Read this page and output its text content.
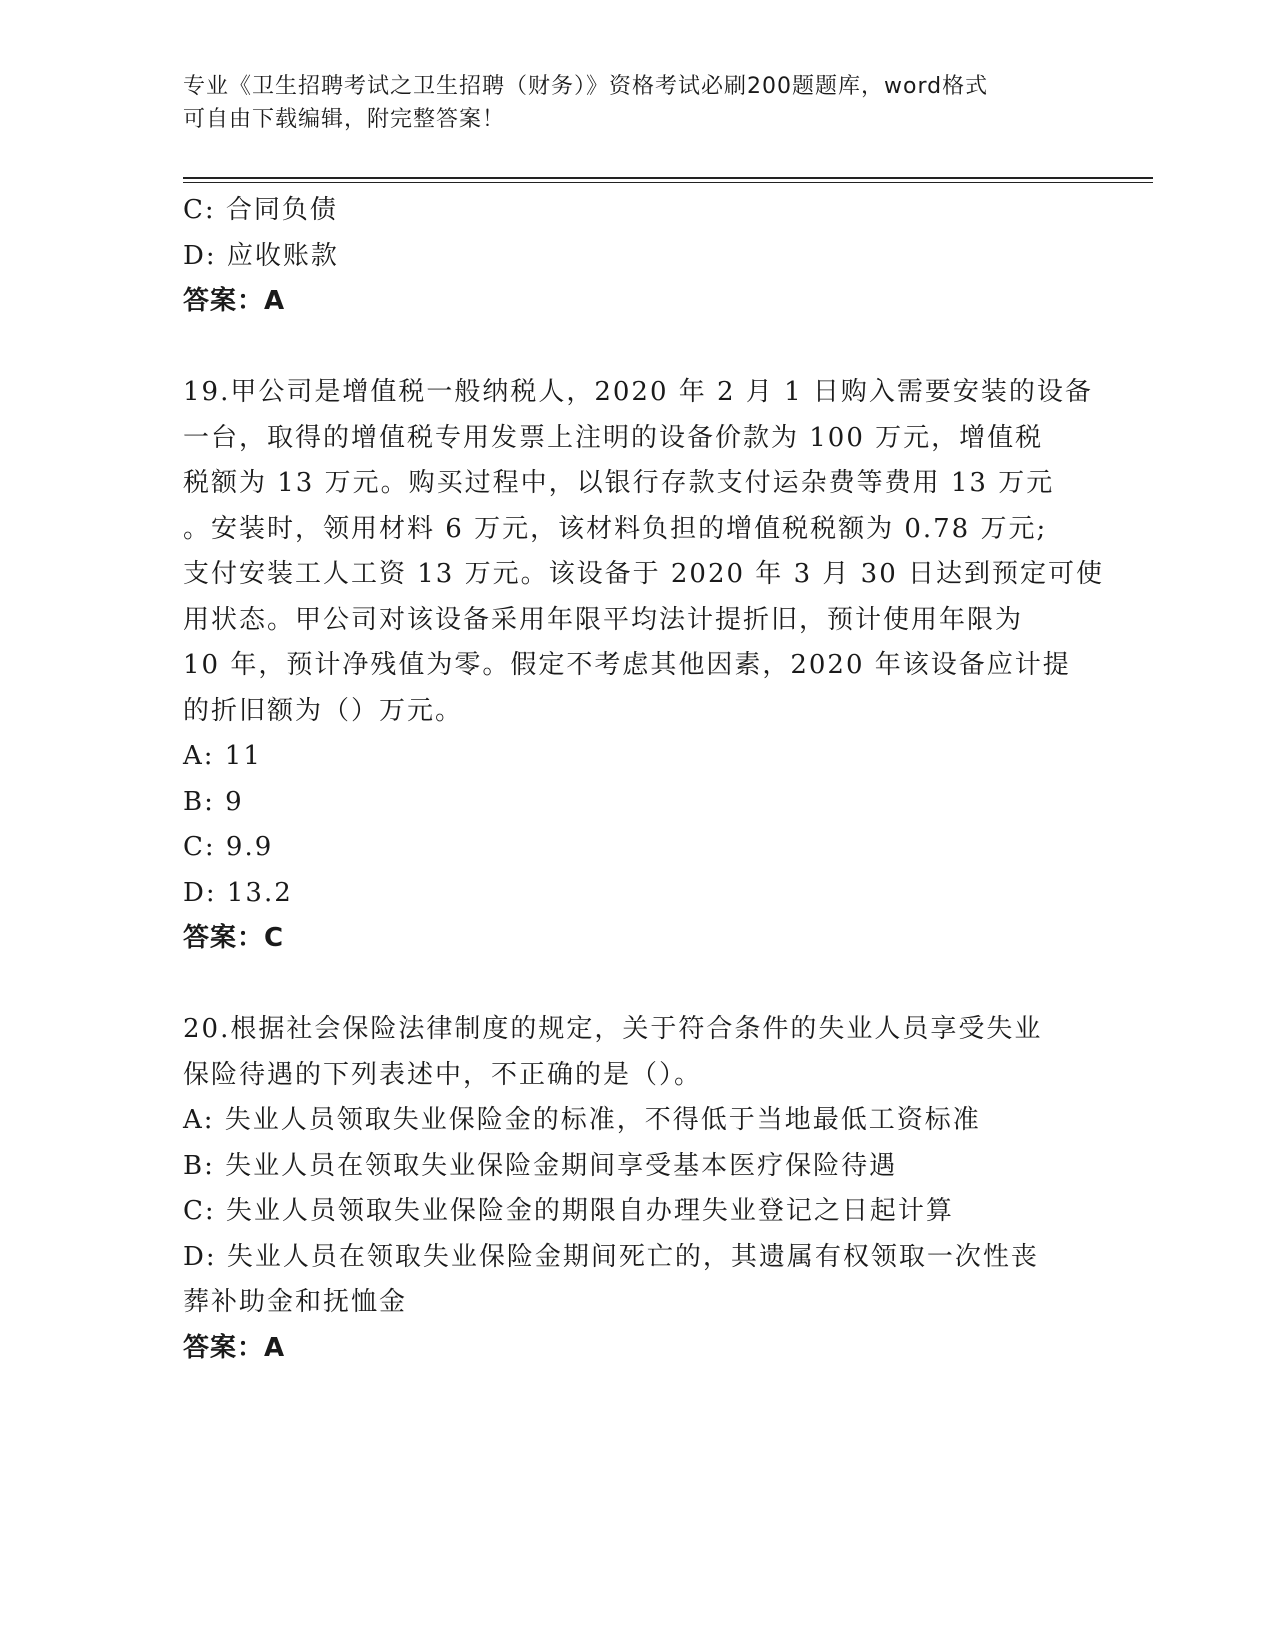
专业《卫生招聘考试之卫生招聘（财务）》资格考试必刷200题题库，word格式
可自由下载编辑，附完整答案！
C: 合同负债
D: 应收账款
答案：A
19.甲公司是增值税一般纳税人，2020 年 2 月 1 日购入需要安装的设备
一台，取得的增值税专用发票上注明的设备价款为 100 万元，增值税
税额为 13 万元。购买过程中，以银行存款支付运杂费等费用 13 万元
。安装时，领用材料 6 万元，该材料负担的增值税税额为 0.78 万元;
支付安装工人工资 13 万元。该设备于 2020 年 3 月 30 日达到预定可使
用状态。甲公司对该设备采用年限平均法计提折旧，预计使用年限为
10 年，预计净残值为零。假定不考虑其他因素，2020 年该设备应计提
的折旧额为（）万元。
A: 11
B: 9
C: 9.9
D: 13.2
答案：C
20.根据社会保险法律制度的规定，关于符合条件的失业人员享受失业
保险待遇的下列表述中，不正确的是（）。
A: 失业人员领取失业保险金的标准，不得低于当地最低工资标准
B: 失业人员在领取失业保险金期间享受基本医疗保险待遇
C: 失业人员领取失业保险金的期限自办理失业登记之日起计算
D: 失业人员在领取失业保险金期间死亡的，其遗属有权领取一次性丧
葬补助金和抚恤金
答案：A
